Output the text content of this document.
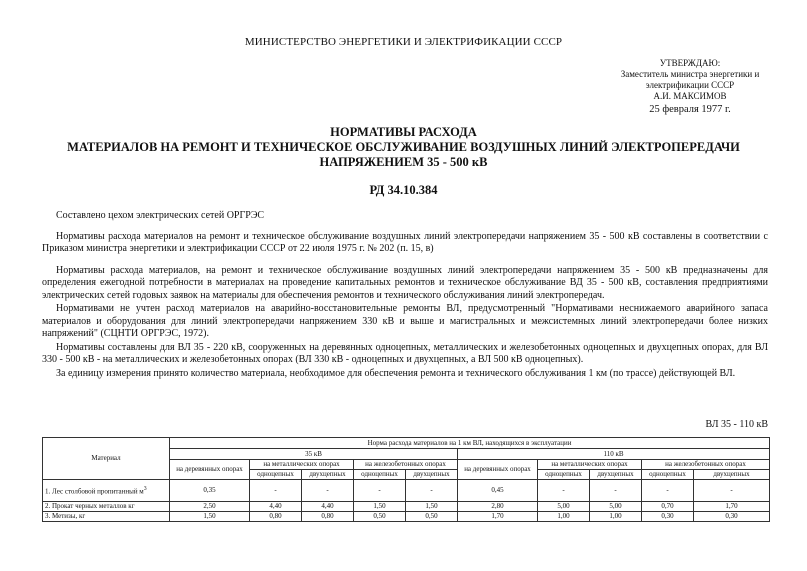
МИНИСТЕРСТВО ЭНЕРГЕТИКИ И ЭЛЕКТРИФИКАЦИИ СССР
УТВЕРЖДАЮ:
Заместитель министра энергетики и
электрификации СССР
А.И. МАКСИМОВ
25 февраля 1977 г.
НОРМАТИВЫ РАСХОДА
МАТЕРИАЛОВ НА РЕМОНТ И ТЕХНИЧЕСКОЕ ОБСЛУЖИВАНИЕ ВОЗДУШНЫХ ЛИНИЙ ЭЛЕКТРОПЕРЕДАЧИ
НАПРЯЖЕНИЕМ 35 - 500 кВ
РД 34.10.384

Составлено цехом электрических сетей ОРГРЭС

Нормативы расхода материалов на ремонт и техническое обслуживание воздушных линий электропередачи напряжением 35 - 500 кВ составлены в соответствии с Приказом министра энергетики и электрификации СССР от 22 июля 1975 г. № 202 (п. 15, в)

Нормативы расхода материалов, на ремонт и техническое обслуживание воздушных линий электропередачи напряжением 35 - 500 кВ предназначены для определения ежегодной потребности в материалах на проведение капитальных ремонтов и техническое обслуживание ВД 35 - 500 кВ, составления предприятиями электрических сетей годовых заявок на материалы для обеспечения ремонтов и технического обслуживания линий электропередач.

Нормативами не учтен расход материалов на аварийно-восстановительные ремонты ВЛ, предусмотренный "Нормативами неснижаемого аварийного запаса материалов и оборудования для линий электропередачи напряжением 330 кВ и выше и магистральных и межсистемных линий электропередачи более низких напряжений" (СЦНТИ ОРГРЭС, 1972).

Нормативы составлены для ВЛ 35 - 220 кВ, сооруженных на деревянных одноцепных, металлических и железобетонных одноцепных и двухцепных опорах, для ВЛ 330 - 500 кВ - на металлических и железобетонных опорах (ВЛ 330 кВ - одноцепных и двухцепных, а ВЛ 500 кВ одноцепных).

За единицу измерения принято количество материала, необходимое для обеспечения ремонта и технического обслуживания 1 км (по трассе) действующей ВЛ.

ВЛ 35 - 110 кВ
Материал	Норма расхода материалов на 1 км ВЛ, находящихся в эксплуатации									
	35 кВ					110 кВ				
	на деревянных опорах	на металлических опорах		на железобетонных опорах		на деревянных опорах	на металлических опорах		на железобетонных опорах	
		одноцепных	двухцепных	одноцепных	двухцепных		одноцепных	двухцепных	одноцепных	двухцепных
1. Лес столбовой пропитанный $м^3$	0,35	-	-	-	-	0,45	-	-	-	-
2. Прокат черных металлов кг	2,50	4,40	4,40	1,50	1,50	2,80	5,00	5,00	0,70	1,70
3. Метизы, кг	1,50	0,80	0,80	0,50	0,50	1,70	1,00	1,00	0,30	0,30
